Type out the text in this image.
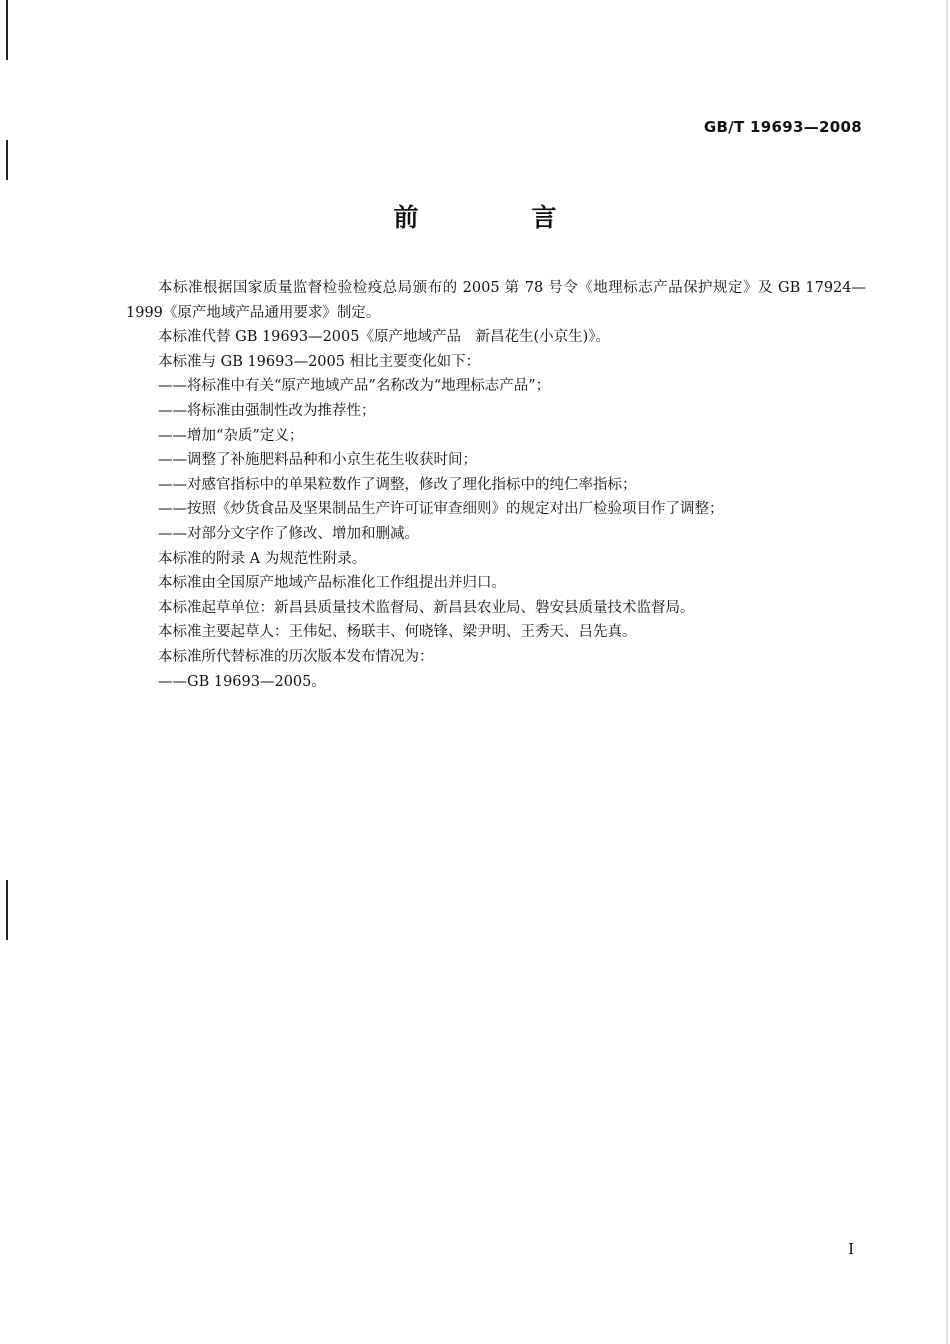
GB/T 19693—2008
前　言

本标准根据国家质量监督检验检疫总局颁布的 2005 第 78 号令《地理标志产品保护规定》及 GB 17924—1999《原产地域产品通用要求》制定。

本标准代替 GB 19693—2005《原产地域产品　新昌花生(小京生)》。

本标准与 GB 19693—2005 相比主要变化如下：

——将标准中有关“原产地域产品”名称改为“地理标志产品”；

——将标准由强制性改为推荐性；

——增加“杂质”定义；

——调整了补施肥料品种和小京生花生收获时间；

——对感官指标中的单果粒数作了调整，修改了理化指标中的纯仁率指标；

——按照《炒货食品及坚果制品生产许可证审查细则》的规定对出厂检验项目作了调整；

——对部分文字作了修改、增加和删减。

本标准的附录 A 为规范性附录。

本标准由全国原产地域产品标准化工作组提出并归口。

本标准起草单位：新昌县质量技术监督局、新昌县农业局、磐安县质量技术监督局。

本标准主要起草人：王伟妃、杨联丰、何晓锋、梁尹明、王秀天、吕先真。

本标准所代替标准的历次版本发布情况为：

——GB 19693—2005。

I
